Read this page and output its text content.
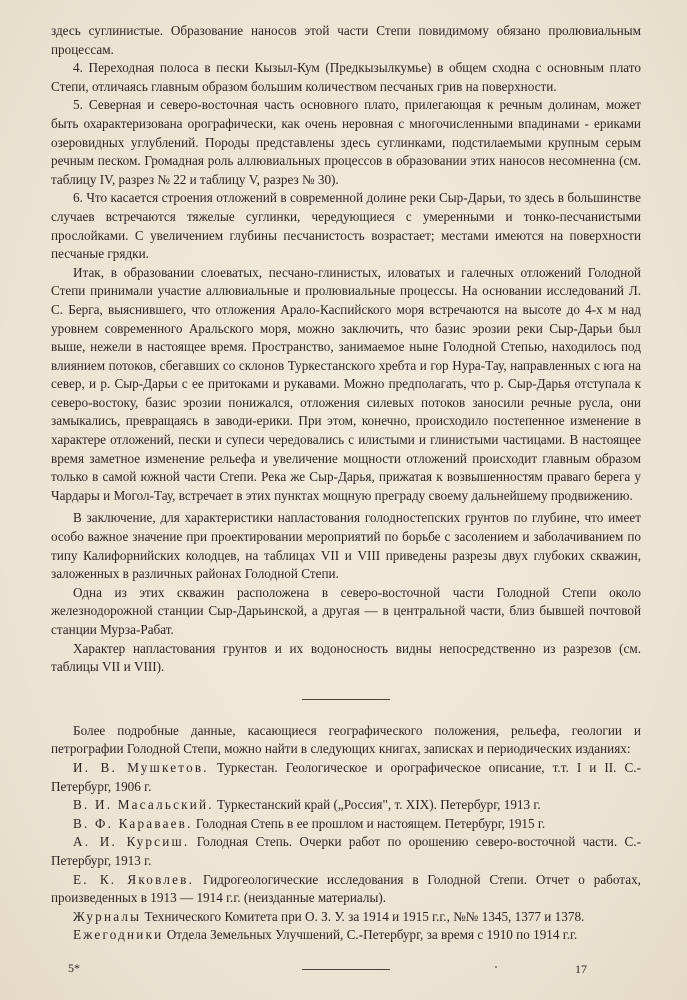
здесь суглинистые. Образование наносов этой части Степи повидимому обязано пролювиальным процессам.

4. Переходная полоса в пески Кызыл-Кум (Предкызылкумье) в общем сходна с основным плато Степи, отличаясь главным образом большим количеством песчаных грив на поверхности.

5. Северная и северо-восточная часть основного плато, прилегающая к речным долинам, может быть охарактеризована орографически, как очень неровная с многочисленными впадинами - ериками озеровидных углублений. Породы представлены здесь суглинками, подстилаемыми крупным серым речным песком. Громадная роль аллювиальных процессов в образовании этих наносов несомненна (см. таблицу IV, разрез № 22 и таблицу V, разрез № 30).

6. Что касается строения отложений в современной долине реки Сыр-Дарьи, то здесь в большинстве случаев встречаются тяжелые суглинки, чередующиеся с умеренными и тонко-песчанистыми прослойками. С увеличением глубины песчанистость возрастает; местами имеются на поверхности песчаные грядки.

Итак, в образовании слоеватых, песчано-глинистых, иловатых и галечных отложений Голодной Степи принимали участие аллювиальные и пролювиальные процессы. На основании исследований Л. С. Берга, выяснившего, что отложения Арало-Каспийского моря встречаются на высоте до 4-х м над уровнем современного Аральского моря, можно заключить, что базис эрозии реки Сыр-Дарьи был выше, нежели в настоящее время. Пространство, занимаемое ныне Голодной Степью, находилось под влиянием потоков, сбегавших со склонов Туркестанского хребта и гор Нура-Тау, направленных с юга на север, и р. Сыр-Дарьи с ее притоками и рукавами. Можно предполагать, что р. Сыр-Дарья отступала к северо-востоку, базис эрозии понижался, отложения силевых потоков заносили речные русла, они замыкались, превращаясь в заводи-ерики. При этом, конечно, происходило постепенное изменение в характере отложений, пески и супеси чередовались с илистыми и глинистыми частицами. В настоящее время заметное изменение рельефа и увеличение мощности отложений происходит главным образом только в самой южной части Степи. Река же Сыр-Дарья, прижатая к возвышенностям праваго берега у Чардары и Могол-Тау, встречает в этих пунктах мощную преграду своему дальнейшему продвижению.

В заключение, для характеристики напластования голодностепских грунтов по глубине, что имеет особо важное значение при проектировании мероприятий по борьбе с засолением и заболачиванием по типу Калифорнийских колодцев, на таблицах VII и VIII приведены разрезы двух глубоких скважин, заложенных в различных районах Голодной Степи.

Одна из этих скважин расположена в северо-восточной части Голодной Степи около железнодорожной станции Сыр-Дарьинской, а другая — в центральной части, близ бывшей почтовой станции Мурза-Рабат.

Характер напластования грунтов и их водоносность видны непосредственно из разрезов (см. таблицы VII и VIII).

Более подробные данные, касающиеся географического положения, рельефа, геологии и петрографии Голодной Степи, можно найти в следующих книгах, записках и периодических изданиях:

И. В. Мушкетов. Туркестан. Геологическое и орографическое описание, т.т. I и II. С.-Петербург, 1906 г.

В. И. Масальский. Туркестанский край („Россия", т. XIX). Петербург, 1913 г.

В. Ф. Караваев. Голодная Степь в ее прошлом и настоящем. Петербург, 1915 г.

А. И. Курсиш. Голодная Степь. Очерки работ по орошению северо-восточной части. С.-Петербург, 1913 г.

Е. К. Яковлев. Гидрогеологические исследования в Голодной Степи. Отчет о работах, произведенных в 1913 — 1914 г.г. (неизданные материалы).

Журналы Технического Комитета при О. З. У. за 1914 и 1915 г.г., №№ 1345, 1377 и 1378.

Ежегодники Отдела Земельных Улучшений, С.-Петербург, за время с 1910 по 1914 г.г.

5*	17
